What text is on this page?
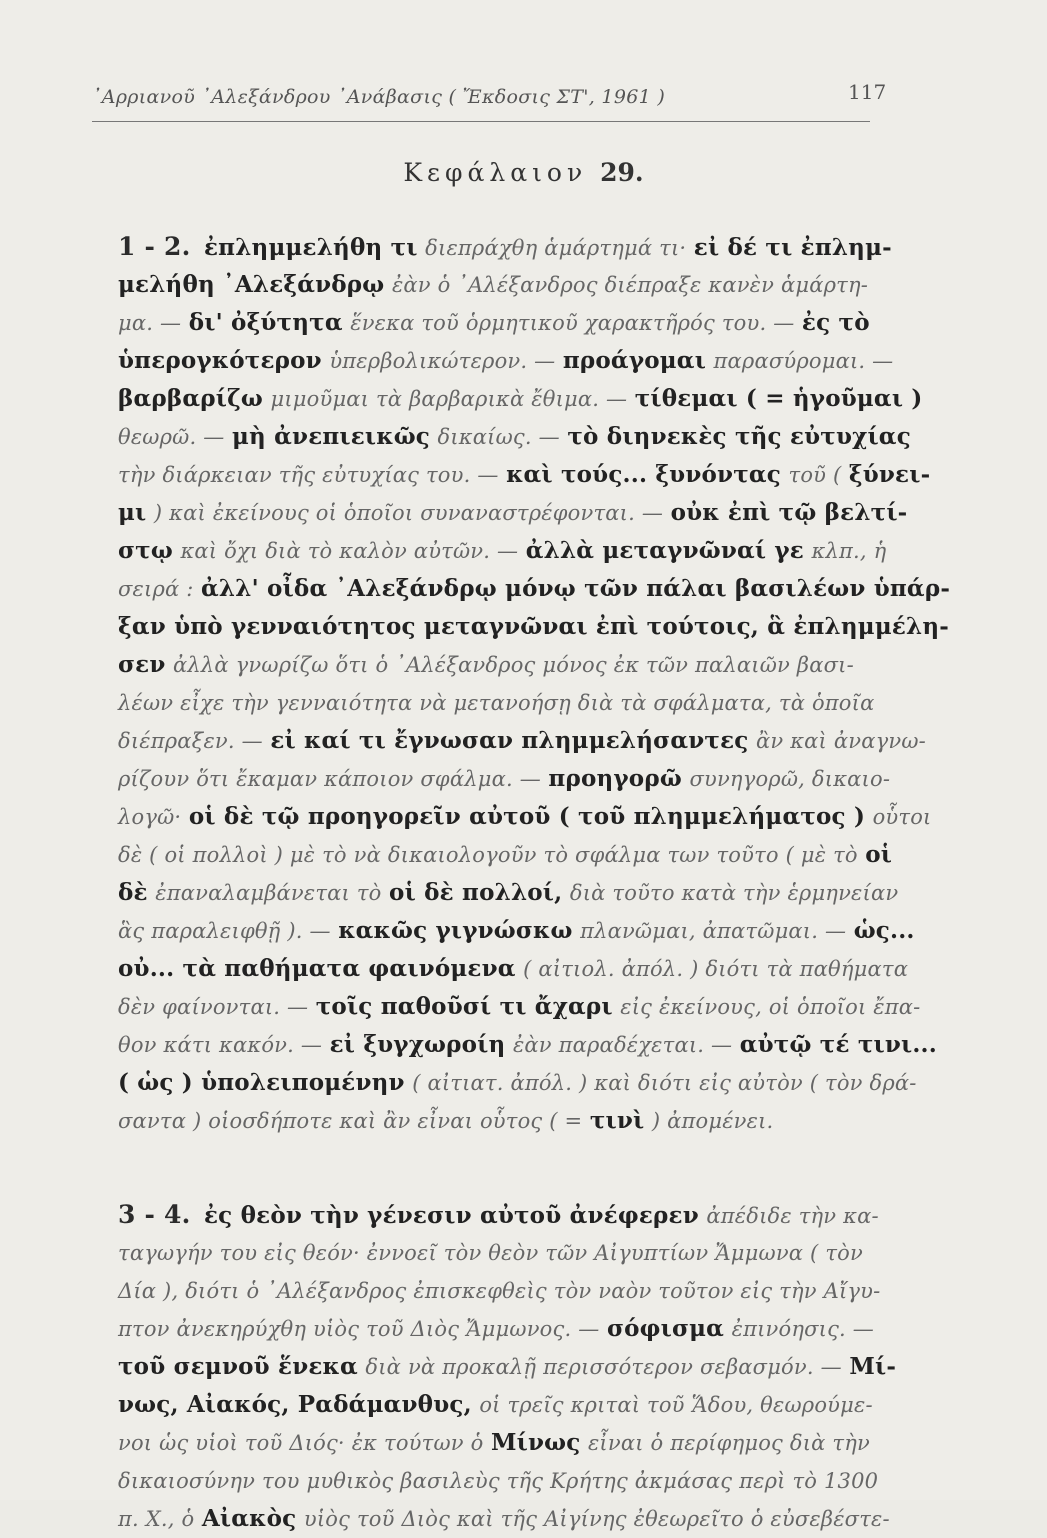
᾿Αρριανοῦ ᾿Αλεξάνδρου ᾿Ανάβασις ( Ἔκδοσις ΣΤ', 1961 )	117
Κεφάλαιον 29.
1 - 2. ἐπλημμελήθη τι διεπράχθη ἁμάρτημά τι· εἰ δέ τι ἐπλημ-
μελήθη ᾿Αλεξάνδρῳ ἐὰν ὁ ᾿Αλέξανδρος διέπραξε κανὲν ἁμάρτη-
μα. — δι' ὀξύτητα ἕνεκα τοῦ ὁρμητικοῦ χαρακτῆρός του. — ἐς τὸ
ὑπερογκότερον ὑπερβολικώτερον. — προάγομαι παρασύρομαι. —
βαρβαρίζω μιμοῦμαι τὰ βαρβαρικὰ ἔθιμα. — τίθεμαι ( = ἡγοῦμαι )
θεωρῶ. — μὴ ἀνεπιεικῶς δικαίως. — τὸ διηνεκὲς τῆς εὐτυχίας
τὴν διάρκειαν τῆς εὐτυχίας του. — καὶ τούς... ξυνόντας τοῦ ( ξύνει-
μι ) καὶ ἐκείνους οἱ ὁποῖοι συναναστρέφονται. — οὐκ ἐπὶ τῷ βελτί-
στῳ καὶ ὄχι διὰ τὸ καλὸν αὐτῶν. — ἀλλὰ μεταγνῶναί γε κλπ., ἡ
σειρά : ἀλλ' οἶδα ᾿Αλεξάνδρῳ μόνῳ τῶν πάλαι βασιλέων ὑπάρ-
ξαν ὑπὸ γενναιότητος μεταγνῶναι ἐπὶ τούτοις, ἃ ἐπλημμέλη-
σεν ἀλλὰ γνωρίζω ὅτι ὁ ᾿Αλέξανδρος μόνος ἐκ τῶν παλαιῶν βασι-
λέων εἶχε τὴν γενναιότητα νὰ μετανοήσῃ διὰ τὰ σφάλματα, τὰ ὁποῖα
διέπραξεν. — εἰ καί τι ἔγνωσαν πλημμελήσαντες ἂν καὶ ἀναγνω-
ρίζουν ὅτι ἔκαμαν κάποιον σφάλμα. — προηγορῶ συνηγορῶ, δικαιο-
λογῶ· οἱ δὲ τῷ προηγορεῖν αὐτοῦ ( τοῦ πλημμελήματος ) οὗτοι
δὲ ( οἱ πολλοὶ ) μὲ τὸ νὰ δικαιολογοῦν τὸ σφάλμα των τοῦτο ( μὲ τὸ οἱ
δὲ ἐπαναλαμβάνεται τὸ οἱ δὲ πολλοί, διὰ τοῦτο κατὰ τὴν ἑρμηνείαν
ἃς παραλειφθῇ ). — κακῶς γιγνώσκω πλανῶμαι, ἀπατῶμαι. — ὡς...
οὐ... τὰ παθήματα φαινόμενα ( αἰτιολ. ἀπόλ. ) διότι τὰ παθήματα
δὲν φαίνονται. — τοῖς παθοῦσί τι ἄχαρι εἰς ἐκείνους, οἱ ὁποῖοι ἔπα-
θον κάτι κακόν. — εἰ ξυγχωροίη ἐὰν παραδέχεται. — αὐτῷ τέ τινι...
( ὡς ) ὑπολειπομένην ( αἰτιατ. ἀπόλ. ) καὶ διότι εἰς αὐτὸν ( τὸν δρά-
σαντα ) οἱοσδήποτε καὶ ἂν εἶναι οὗτος ( = τινὶ ) ἀπομένει.
3 - 4. ἐς θεὸν τὴν γένεσιν αὐτοῦ ἀνέφερεν ἀπέδιδε τὴν κα-
ταγωγήν του εἰς θεόν· ἐννοεῖ τὸν θεὸν τῶν Αἰγυπτίων Ἄμμωνα ( τὸν
Δία ), διότι ὁ ᾿Αλέξανδρος ἐπισκεφθεὶς τὸν ναὸν τοῦτον εἰς τὴν Αἴγυ-
πτον ἀνεκηρύχθη υἱὸς τοῦ Διὸς Ἄμμωνος. — σόφισμα ἐπινόησις. —
τοῦ σεμνοῦ ἕνεκα διὰ νὰ προκαλῇ περισσότερον σεβασμόν. — Μί-
νως, Αἰακός, Ραδάμανθυς, οἱ τρεῖς κριταὶ τοῦ Ἅδου, θεωρούμε-
νοι ὡς υἱοὶ τοῦ Διός· ἐκ τούτων ὁ Μίνως εἶναι ὁ περίφημος διὰ τὴν
δικαιοσύνην του μυθικὸς βασιλεὺς τῆς Κρήτης ἀκμάσας περὶ τὸ 1300
π. Χ., ὁ Αἰακὸς υἱὸς τοῦ Διὸς καὶ τῆς Αἰγίνης ἐθεωρεῖτο ὁ εὐσεβέστε-
